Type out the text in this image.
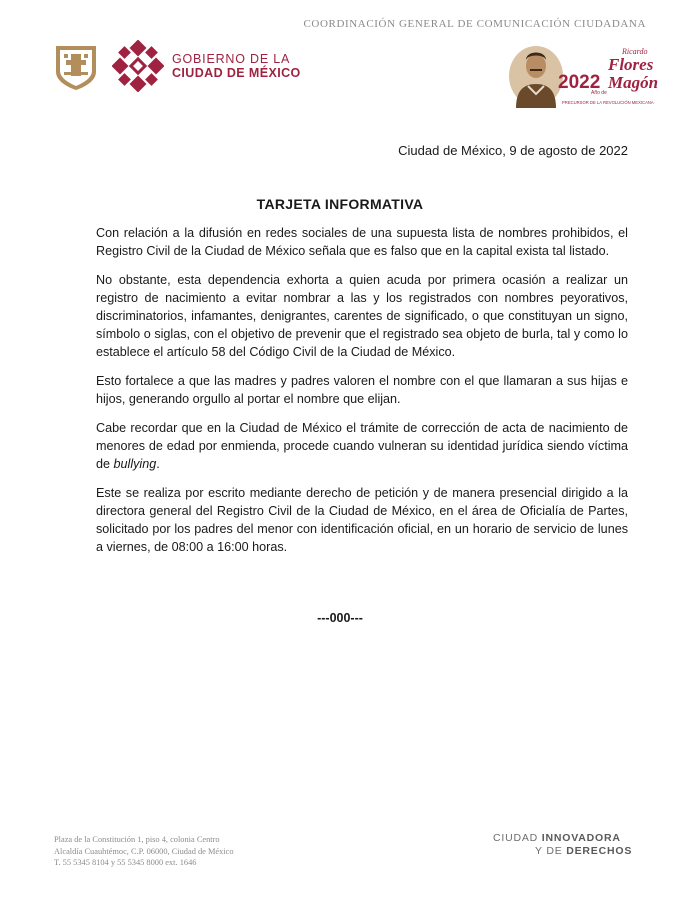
COORDINACIÓN GENERAL DE COMUNICACIÓN CIUDADANA
GOBIERNO DE LA
CIUDAD DE MÉXICO	2022
Ricardo
Flores
Magón
Año de
PRECURSOR DE LA REVOLUCIÓN MEXICANA
Ciudad de México, 9 de agosto de 2022
TARJETA INFORMATIVA

Con relación a la difusión en redes sociales de una supuesta lista de nombres prohibidos, el Registro Civil de la Ciudad de México señala que es falso que en la capital exista tal listado.

No obstante, esta dependencia exhorta a quien acuda por primera ocasión a realizar un registro de nacimiento a evitar nombrar a las y los registrados con nombres peyorativos, discriminatorios, infamantes, denigrantes, carentes de significado, o que constituyan un signo, símbolo o siglas, con el objetivo de prevenir que el registrado sea objeto de burla, tal y como lo establece el artículo 58 del Código Civil de la Ciudad de México.

Esto fortalece a que las madres y padres valoren el nombre con el que llamaran a sus hijas e hijos, generando orgullo al portar el nombre que elijan.

Cabe recordar que en la Ciudad de México el trámite de corrección de acta de nacimiento de menores de edad por enmienda, procede cuando vulneran su identidad jurídica siendo víctima de bullying.

Este se realiza por escrito mediante derecho de petición y de manera presencial dirigido a la directora general del Registro Civil de la Ciudad de México, en el área de Oficialía de Partes, solicitado por los padres del menor con identificación oficial, en un horario de servicio de lunes a viernes, de 08:00 a 16:00 horas.

---000---
Plaza de la Constitución 1, piso 4, colonia Centro
Alcaldía Cuauhtémoc, C.P. 06000, Ciudad de México
T. 55 5345 8104 y 55 5345 8000 ext. 1646
CIUDAD INNOVADORA
Y DE DERECHOS
